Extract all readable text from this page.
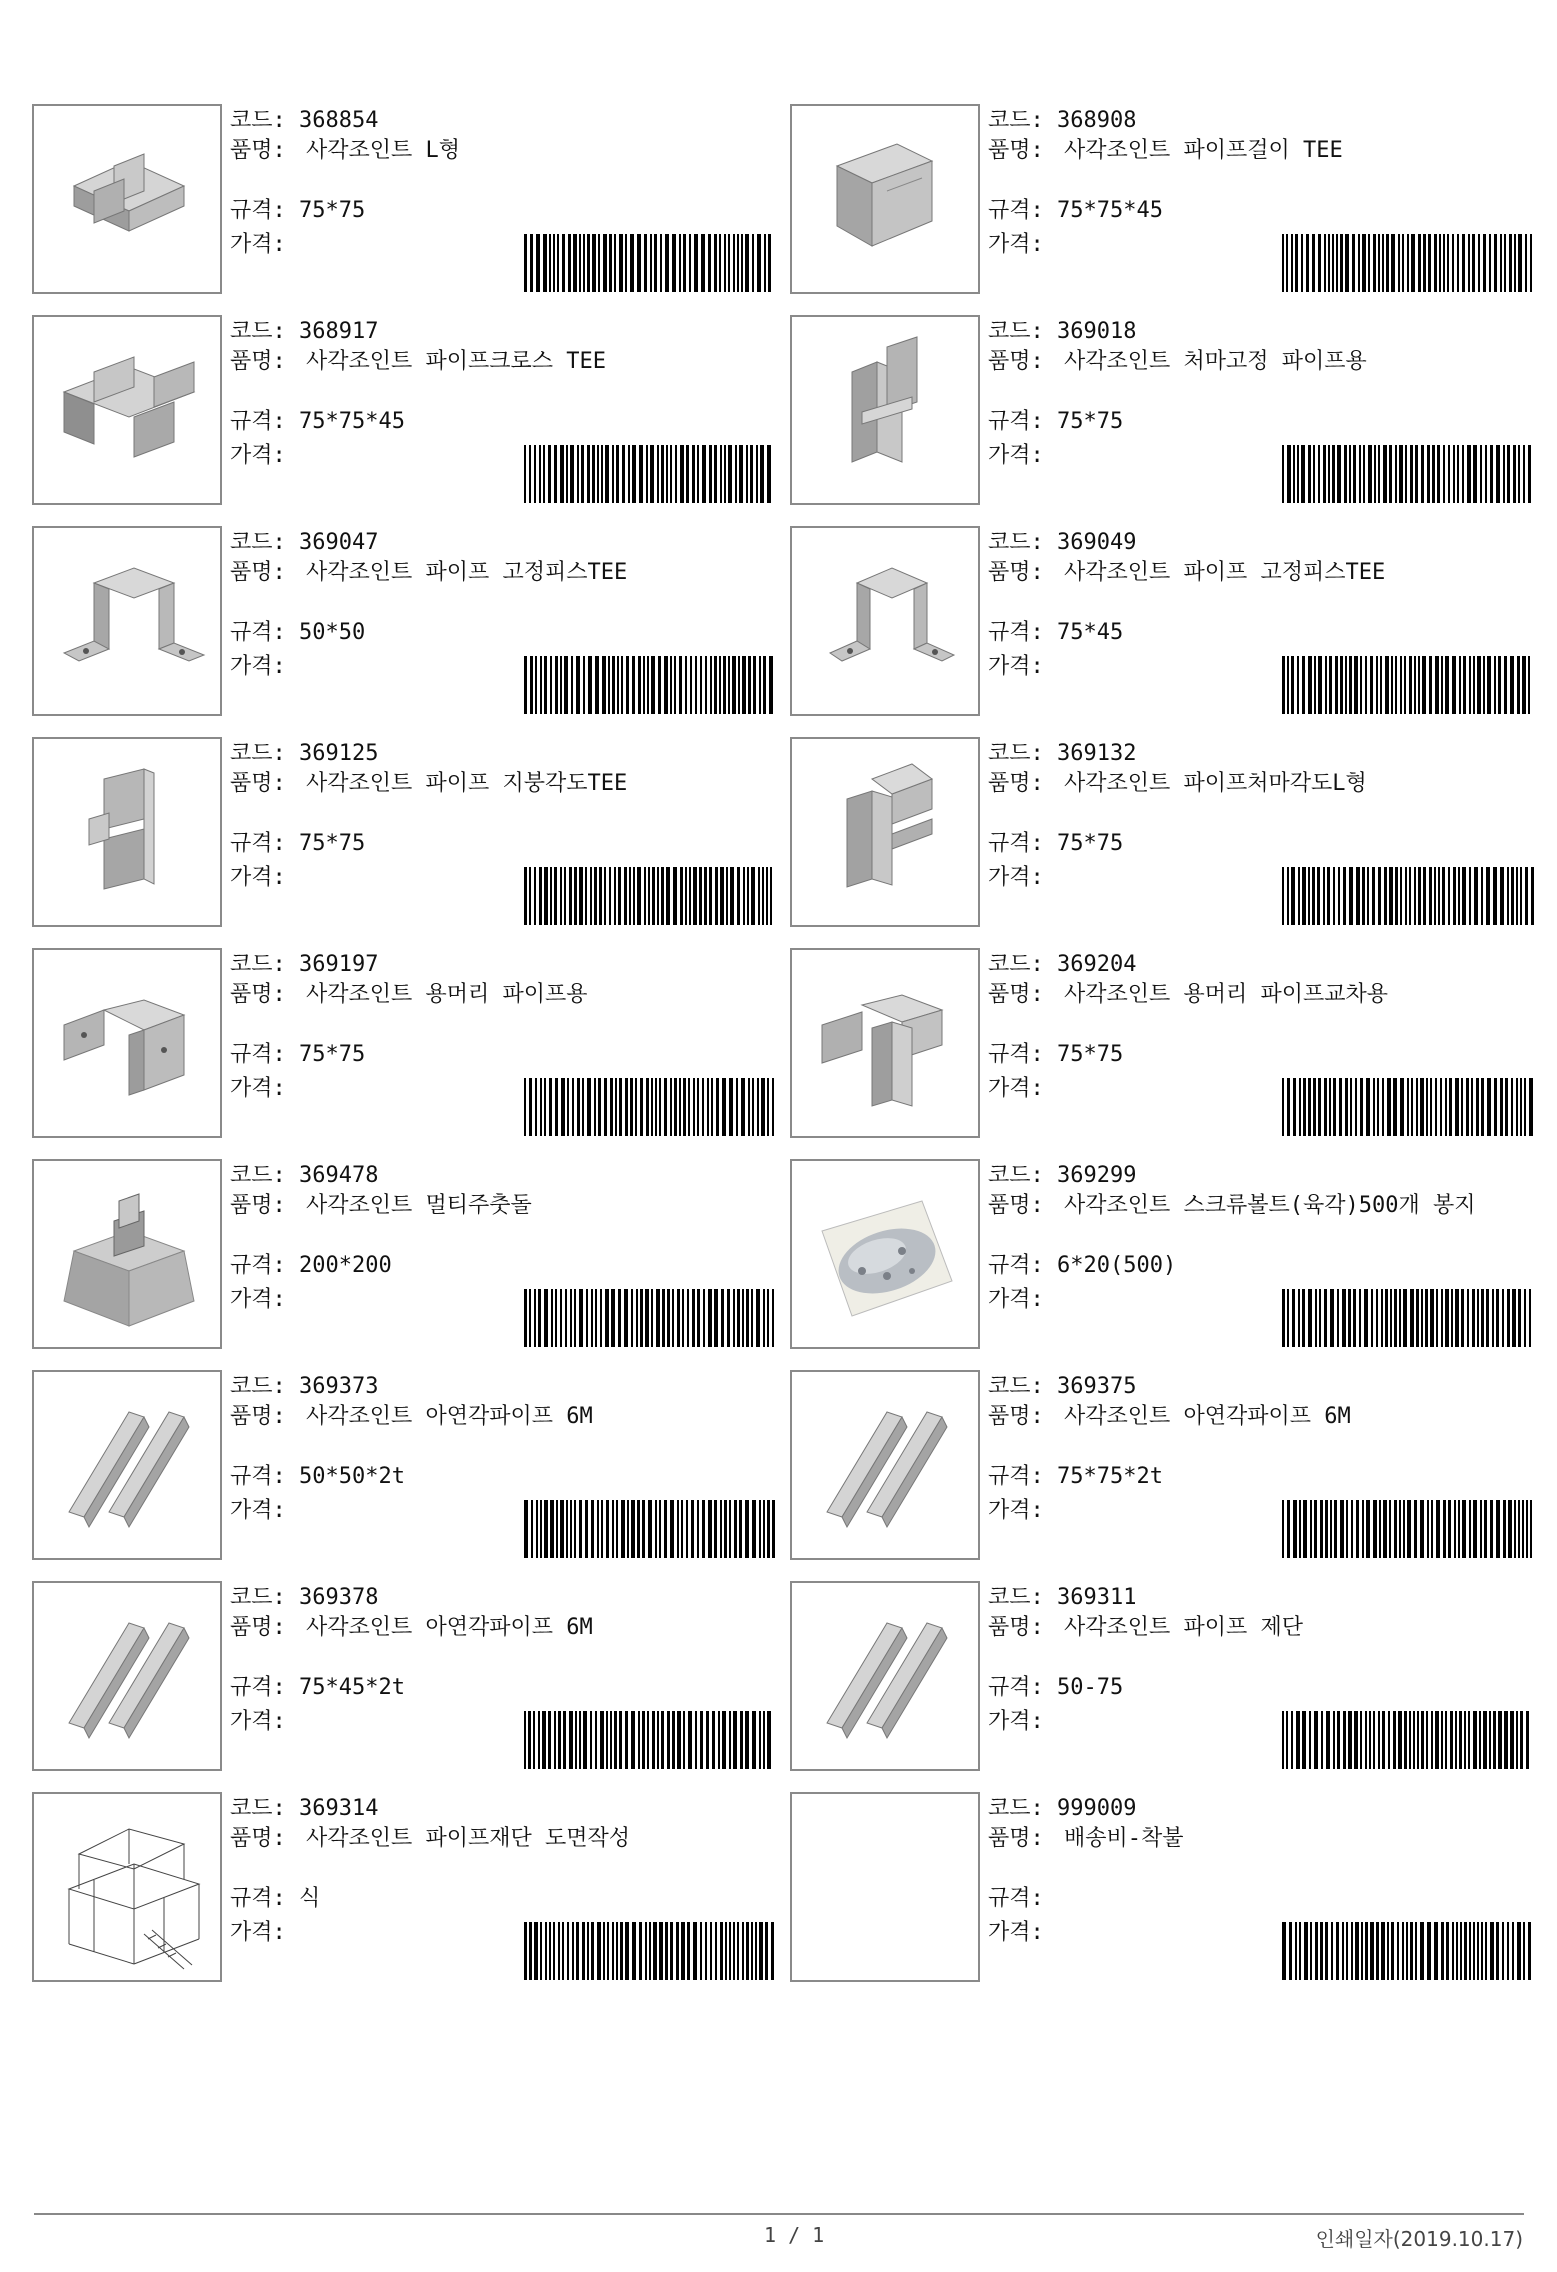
코드: 368854
품명: 사각조인트 L형
규격: 75*75
가격:
코드: 368908
품명: 사각조인트 파이프걸이 TEE
규격: 75*75*45
가격:
코드: 368917
품명: 사각조인트 파이프크로스 TEE
규격: 75*75*45
가격:
코드: 369018
품명: 사각조인트 처마고정 파이프용
규격: 75*75
가격:
코드: 369047
품명: 사각조인트 파이프 고정피스TEE
규격: 50*50
가격:
코드: 369049
품명: 사각조인트 파이프 고정피스TEE
규격: 75*45
가격:
코드: 369125
품명: 사각조인트 파이프 지붕각도TEE
규격: 75*75
가격:
코드: 369132
품명: 사각조인트 파이프처마각도L형
규격: 75*75
가격:
코드: 369197
품명: 사각조인트 용머리 파이프용
규격: 75*75
가격:
코드: 369204
품명: 사각조인트 용머리 파이프교차용
규격: 75*75
가격:
코드: 369478
품명: 사각조인트 멀티주춧돌
규격: 200*200
가격:
코드: 369299
품명: 사각조인트 스크류볼트(육각)500개 봉지
규격: 6*20(500)
가격:
코드: 369373
품명: 사각조인트 아연각파이프 6M
규격: 50*50*2t
가격:
코드: 369375
품명: 사각조인트 아연각파이프 6M
규격: 75*75*2t
가격:
코드: 369378
품명: 사각조인트 아연각파이프 6M
규격: 75*45*2t
가격:
코드: 369311
품명: 사각조인트 파이프 제단
규격: 50-75
가격:
코드: 369314
품명: 사각조인트 파이프재단 도면작성
규격: 식
가격:
코드: 999009
품명: 배송비-착불
규격:
가격:
1 / 1	인쇄일자(2019.10.17)
